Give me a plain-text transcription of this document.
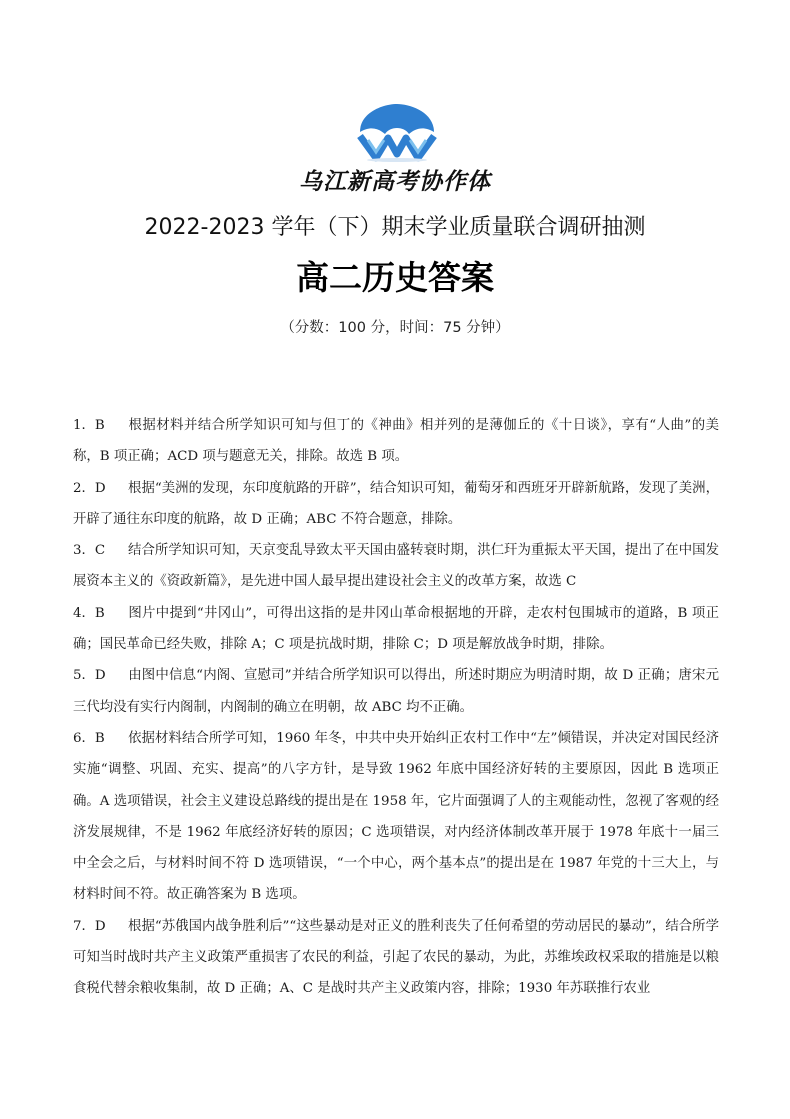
乌江新高考协作体
2022-2023 学年（下）期末学业质量联合调研抽测
高二历史答案
（分数：100 分，时间：75 分钟）
1．B 根据材料并结合所学知识可知与但丁的《神曲》相并列的是薄伽丘的《十日谈》，享有“人曲”的美称，B 项正确；ACD 项与题意无关，排除。故选 B 项。
2．D 根据“美洲的发现，东印度航路的开辟”，结合知识可知，葡萄牙和西班牙开辟新航路，发现了美洲，开辟了通往东印度的航路，故 D 正确；ABC 不符合题意，排除。
3．C 结合所学知识可知，天京变乱导致太平天国由盛转衰时期，洪仁玕为重振太平天国，提出了在中国发展资本主义的《资政新篇》，是先进中国人最早提出建设社会主义的改革方案，故选 C
4．B 图片中提到“井冈山”，可得出这指的是井冈山革命根据地的开辟，走农村包围城市的道路，B 项正确；国民革命已经失败，排除 A；C 项是抗战时期，排除 C；D 项是解放战争时期，排除。
5．D 由图中信息“内阁、宣慰司”并结合所学知识可以得出，所述时期应为明清时期，故 D 正确；唐宋元三代均没有实行内阁制，内阁制的确立在明朝，故 ABC 均不正确。
6．B 依据材料结合所学可知，1960 年冬，中共中央开始纠正农村工作中“左”倾错误，并决定对国民经济实施“调整、巩固、充实、提高”的八字方针，是导致 1962 年底中国经济好转的主要原因，因此 B 选项正确。A 选项错误，社会主义建设总路线的提出是在 1958 年，它片面强调了人的主观能动性，忽视了客观的经济发展规律，不是 1962 年底经济好转的原因；C 选项错误，对内经济体制改革开展于 1978 年底十一届三中全会之后，与材料时间不符 D 选项错误，“一个中心，两个基本点”的提出是在 1987 年党的十三大上，与材料时间不符。故正确答案为 B 选项。
7．D 根据“苏俄国内战争胜利后”“这些暴动是对正义的胜利丧失了任何希望的劳动居民的暴动”，结合所学可知当时战时共产主义政策严重损害了农民的利益，引起了农民的暴动，为此，苏维埃政权采取的措施是以粮食税代替余粮收集制，故 D 正确；A、C 是战时共产主义政策内容，排除；1930 年苏联推行农业
